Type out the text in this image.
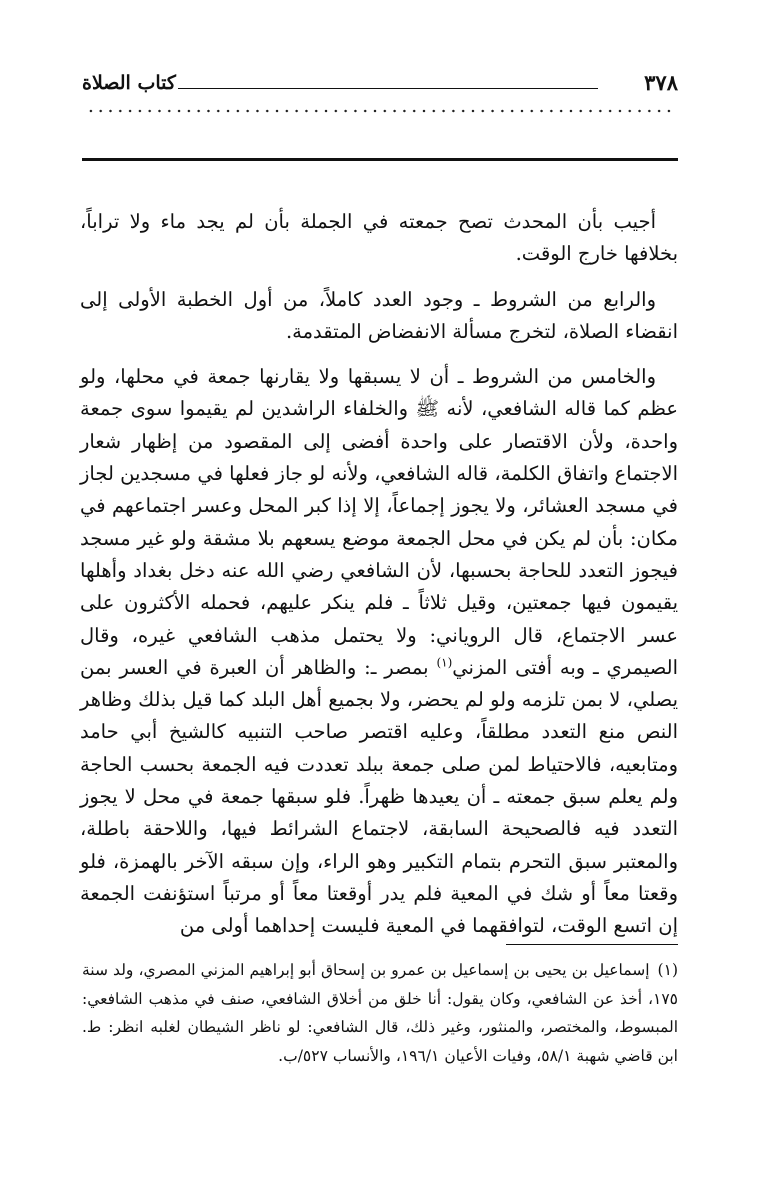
٣٧٨
كتاب الصلاة

أجيب بأن المحدث تصح جمعته في الجملة بأن لم يجد ماء ولا تراباً، بخلافها خارج الوقت.

والرابع من الشروط ـ وجود العدد كاملاً، من أول الخطبة الأولى إلى انقضاء الصلاة، لتخرج مسألة الانفضاض المتقدمة.

والخامس من الشروط ـ أن لا يسبقها ولا يقارنها جمعة في محلها، ولو عظم كما قاله الشافعي، لأنه ﷺ والخلفاء الراشدين لم يقيموا سوى جمعة واحدة، ولأن الاقتصار على واحدة أفضى إلى المقصود من إظهار شعار الاجتماع واتفاق الكلمة، قاله الشافعي، ولأنه لو جاز فعلها في مسجدين لجاز في مسجد العشائر، ولا يجوز إجماعاً، إلا إذا كبر المحل وعسر اجتماعهم في مكان: بأن لم يكن في محل الجمعة موضع يسعهم بلا مشقة ولو غير مسجد فيجوز التعدد للحاجة بحسبها، لأن الشافعي رضي الله عنه دخل بغداد وأهلها يقيمون فيها جمعتين، وقيل ثلاثاً ـ فلم ينكر عليهم، فحمله الأكثرون على عسر الاجتماع، قال الروياني: ولا يحتمل مذهب الشافعي غيره، وقال الصيمري ـ وبه أفتى المزني$^{(١)}$ بمصر ـ: والظاهر أن العبرة في العسر بمن يصلي، لا بمن تلزمه ولو لم يحضر، ولا بجميع أهل البلد كما قيل بذلك وظاهر النص منع التعدد مطلقاً، وعليه اقتصر صاحب التنبيه كالشيخ أبي حامد ومتابعيه، فالاحتياط لمن صلى جمعة ببلد تعددت فيه الجمعة بحسب الحاجة ولم يعلم سبق جمعته ـ أن يعيدها ظهراً. فلو سبقها جمعة في محل لا يجوز التعدد فيه فالصحيحة السابقة، لاجتماع الشرائط فيها، واللاحقة باطلة، والمعتبر سبق التحرم بتمام التكبير وهو الراء، وإن سبقه الآخر بالهمزة، فلو وقعتا معاً أو شك في المعية فلم يدر أوقعتا معاً أو مرتباً استؤنفت الجمعة إن اتسع الوقت، لتوافقهما في المعية فليست إحداهما أولى من

(١)إسماعيل بن يحيى بن إسماعيل بن عمرو بن إسحاق أبو إبراهيم المزني المصري، ولد سنة ١٧٥، أخذ عن الشافعي، وكان يقول: أنا خلق من أخلاق الشافعي، صنف في مذهب الشافعي: المبسوط، والمختصر، والمنثور، وغير ذلك، قال الشافعي: لو ناظر الشيطان لغلبه انظر: ط. ابن قاضي شهبة ٥٨/١، وفيات الأعيان ١٩٦/١، والأنساب ٥٢٧/ب.
